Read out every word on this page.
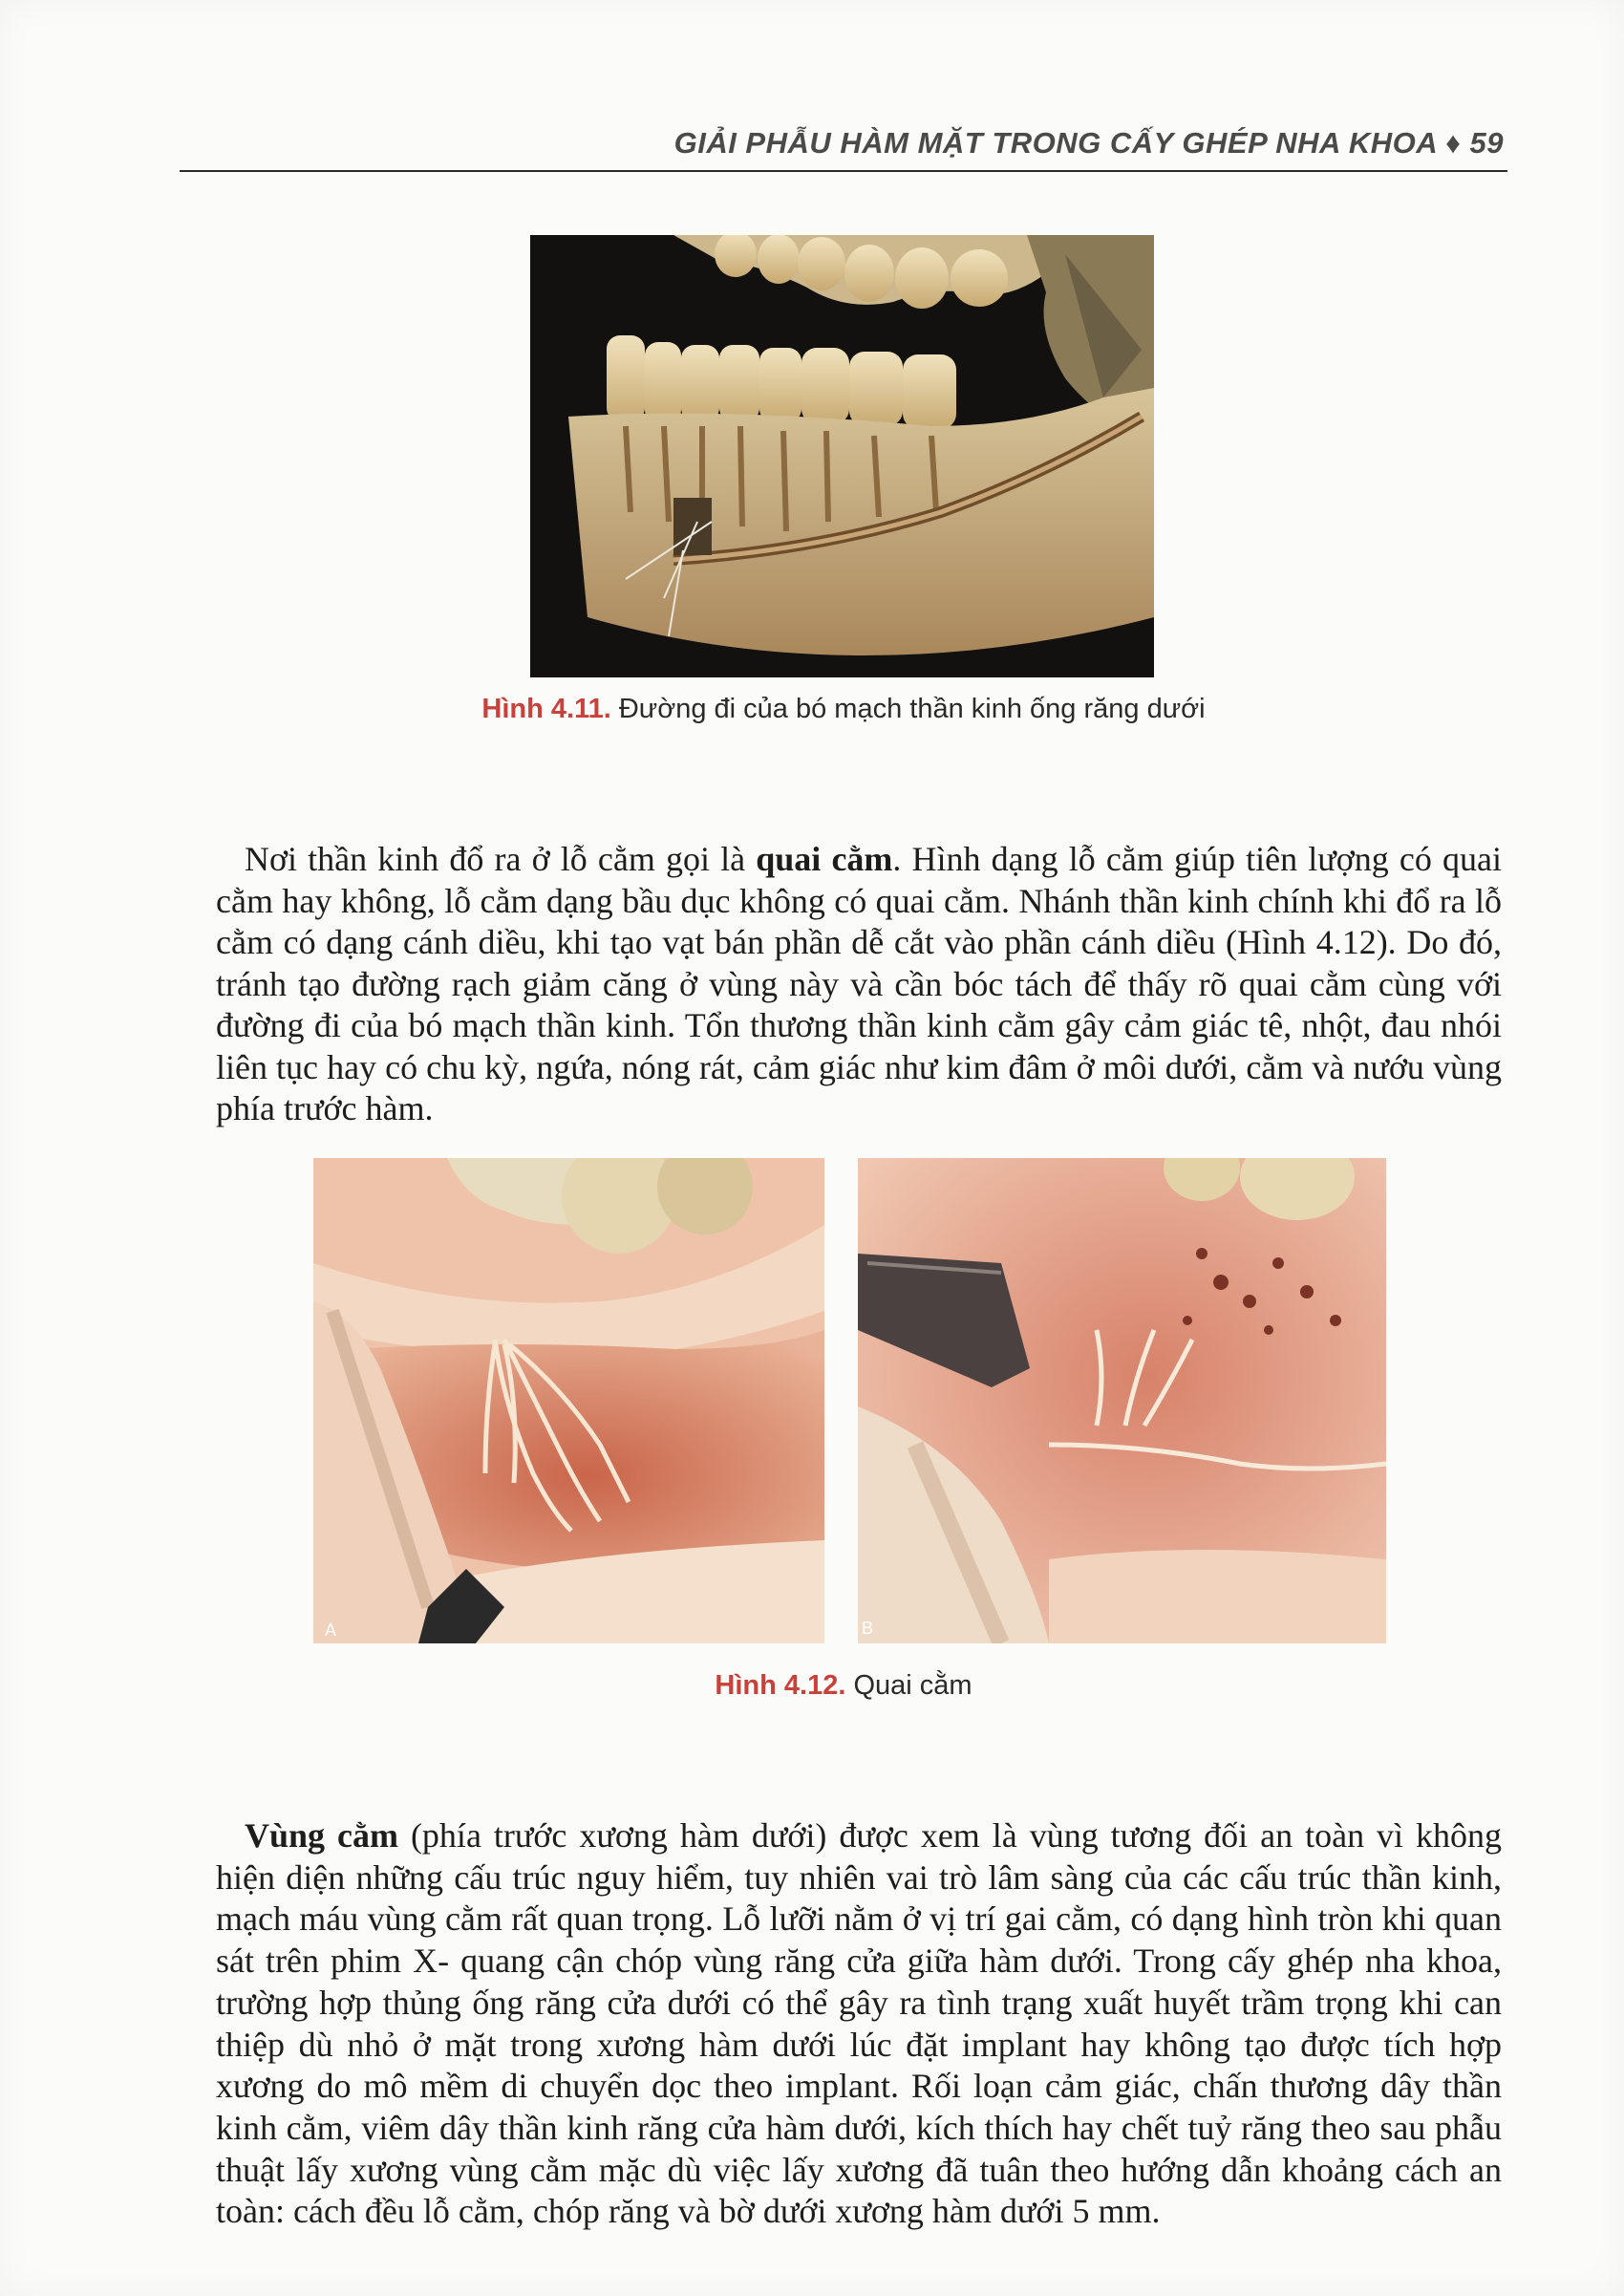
GIẢI PHẪU HÀM MẶT TRONG CẤY GHÉP NHA KHOA ♦ 59
Hình 4.11. Đường đi của bó mạch thần kinh ống răng dưới

Nơi thần kinh đổ ra ở lỗ cằm gọi là quai cằm. Hình dạng lỗ cằm giúp tiên lượng có quai cằm hay không, lỗ cằm dạng bầu dục không có quai cằm. Nhánh thần kinh chính khi đổ ra lỗ cằm có dạng cánh diều, khi tạo vạt bán phần dễ cắt vào phần cánh diều (Hình 4.12). Do đó, tránh tạo đường rạch giảm căng ở vùng này và cần bóc tách để thấy rõ quai cằm cùng với đường đi của bó mạch thần kinh. Tổn thương thần kinh cằm gây cảm giác tê, nhột, đau nhói liên tục hay có chu kỳ, ngứa, nóng rát, cảm giác như kim đâm ở môi dưới, cằm và nướu vùng phía trước hàm.

A	B
Hình 4.12. Quai cằm

Vùng cằm (phía trước xương hàm dưới) được xem là vùng tương đối an toàn vì không hiện diện những cấu trúc nguy hiểm, tuy nhiên vai trò lâm sàng của các cấu trúc thần kinh, mạch máu vùng cằm rất quan trọng. Lỗ lưỡi nằm ở vị trí gai cằm, có dạng hình tròn khi quan sát trên phim X- quang cận chóp vùng răng cửa giữa hàm dưới. Trong cấy ghép nha khoa, trường hợp thủng ống răng cửa dưới có thể gây ra tình trạng xuất huyết trầm trọng khi can thiệp dù nhỏ ở mặt trong xương hàm dưới lúc đặt implant hay không tạo được tích hợp xương do mô mềm di chuyển dọc theo implant. Rối loạn cảm giác, chấn thương dây thần kinh cằm, viêm dây thần kinh răng cửa hàm dưới, kích thích hay chết tuỷ răng theo sau phẫu thuật lấy xương vùng cằm mặc dù việc lấy xương đã tuân theo hướng dẫn khoảng cách an toàn: cách đều lỗ cằm, chóp răng và bờ dưới xương hàm dưới 5 mm.
